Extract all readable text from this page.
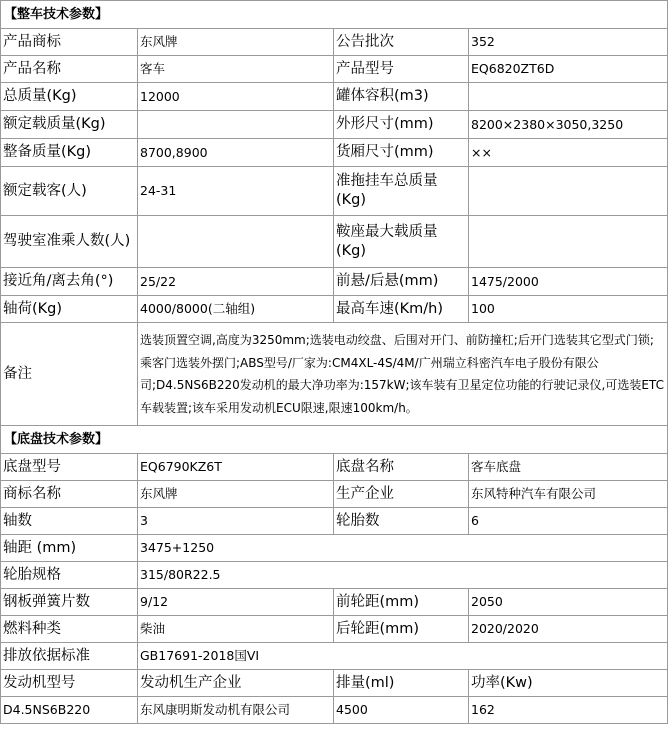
【整车技术参数】			
产品商标	东风牌	公告批次	352
产品名称	客车	产品型号	EQ6820ZT6D
总质量(Kg)	12000	罐体容积(m3)	
额定载质量(Kg)		外形尺寸(mm)	8200×2380×3050,3250
整备质量(Kg)	8700,8900	货厢尺寸(mm)	××
额定载客(人)	24-31	准拖挂车总质量(Kg)	
驾驶室准乘人数(人)		鞍座最大载质量(Kg)	
接近角/离去角(°)	25/22	前悬/后悬(mm)	1475/2000
轴荷(Kg)	4000/8000(二轴组)	最高车速(Km/h)	100
备注	选装顶置空调,高度为3250mm;选装电动绞盘、后围对开门、前防撞杠;后开门选装其它型式门锁;乘客门选装外摆门;ABS型号/厂家为:CM4XL-4S/4M/广州瑞立科密汽车电子股份有限公司;D4.5NS6B220发动机的最大净功率为:157kW;该车装有卫星定位功能的行驶记录仪,可选装ETC车载装置;该车采用发动机ECU限速,限速100km/h。		
【底盘技术参数】			
底盘型号	EQ6790KZ6T	底盘名称	客车底盘
商标名称	东风牌	生产企业	东风特种汽车有限公司
轴数	3	轮胎数	6
轴距 (mm)	3475+1250		
轮胎规格	315/80R22.5		
钢板弹簧片数	9/12	前轮距(mm)	2050
燃料种类	柴油	后轮距(mm)	2020/2020
排放依据标准	GB17691-2018国VI		
发动机型号	发动机生产企业	排量(ml)	功率(Kw)
D4.5NS6B220	东风康明斯发动机有限公司	4500	162
